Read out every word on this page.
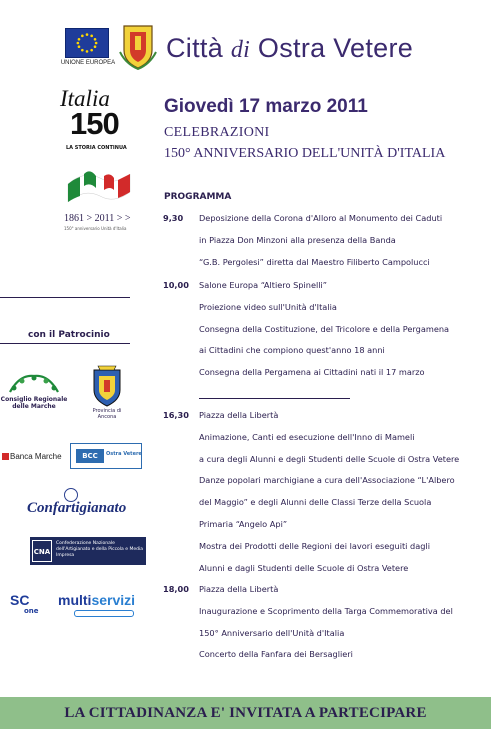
UNIONE EUROPEA Città di Ostra Vetere
Italia
150
LA STORIA CONTINUA
1861 > 2011 > >
150° anniversario Unità d'Italia
con il Patrocinio
Consiglio Regionale delle Marche
Provincia di Ancona
Banca Marche	BCC	Ostra Vetere
Confartigianato
CNA
Confederazione Nazionale dell'Artigianato e della Piccola e Media Impresa
SC
one
multiservizi
Giovedì 17 marzo 2011
CELEBRAZIONI
150° ANNIVERSARIO DELL'UNITÀ D'ITALIA
PROGRAMMA
9,30 Deposizione della Corona d'Alloro al Monumento dei Caduti
in Piazza Don Minzoni alla presenza della Banda
“G.B. Pergolesi” diretta dal Maestro Filiberto Campolucci
10,00 Salone Europa “Altiero Spinelli”
Proiezione video sull'Unità d'Italia
Consegna della Costituzione, del Tricolore e della Pergamena
ai Cittadini che compiono quest'anno 18 anni
Consegna della Pergamena ai Cittadini nati il 17 marzo
16,30 Piazza della Libertà
Animazione, Canti ed esecuzione dell'Inno di Mameli
a cura degli Alunni e degli Studenti delle Scuole di Ostra Vetere
Danze popolari marchigiane a cura dell'Associazione “L'Albero
del Maggio” e degli Alunni delle Classi Terze della Scuola
Primaria “Angelo Api”
Mostra dei Prodotti delle Regioni dei lavori eseguiti dagli
Alunni e dagli Studenti delle Scuole di Ostra Vetere
18,00 Piazza della Libertà
Inaugurazione e Scoprimento della Targa Commemorativa del
150° Anniversario dell'Unità d'Italia
Concerto della Fanfara dei Bersaglieri
LA CITTADINANZA E' INVITATA A PARTECIPARE
